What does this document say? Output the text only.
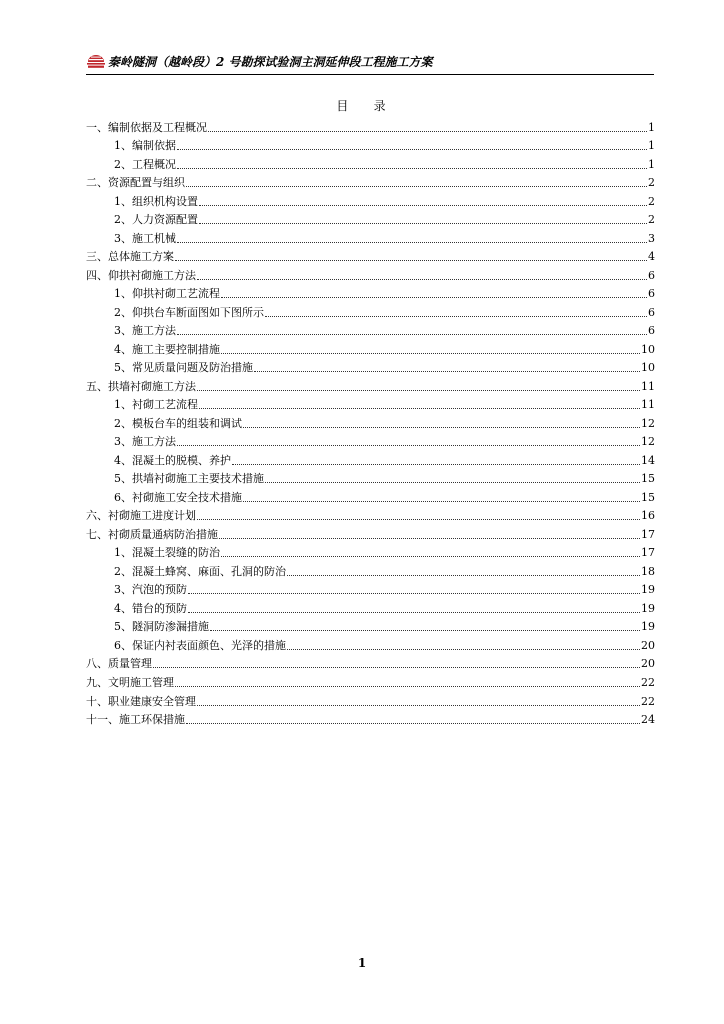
秦岭隧洞（越岭段）2 号勘探试验洞主洞延伸段工程施工方案
目    录
一、编制依据及工程概况	1
1、编制依据	1
2、工程概况	1
二、资源配置与组织	2
1、组织机构设置	2
2、人力资源配置	2
3、施工机械	3
三、总体施工方案	4
四、仰拱衬砌施工方法	6
1、仰拱衬砌工艺流程	6
2、仰拱台车断面图如下图所示	6
3、施工方法	6
4、施工主要控制措施	10
5、常见质量问题及防治措施	10
五、拱墙衬砌施工方法	11
1、衬砌工艺流程	11
2、模板台车的组装和调试	12
3、施工方法	12
4、混凝土的脱模、养护	14
5、拱墙衬砌施工主要技术措施	15
6、衬砌施工安全技术措施	15
六、衬砌施工进度计划	16
七、衬砌质量通病防治措施	17
1、混凝土裂缝的防治	17
2、混凝土蜂窝、麻面、孔洞的防治	18
3、汽泡的预防	19
4、错台的预防	19
5、隧洞防渗漏措施	19
6、保证内衬表面颜色、光泽的措施	20
八、质量管理	20
九、文明施工管理	22
十、职业建康安全管理	22
十一、施工环保措施	24
1
